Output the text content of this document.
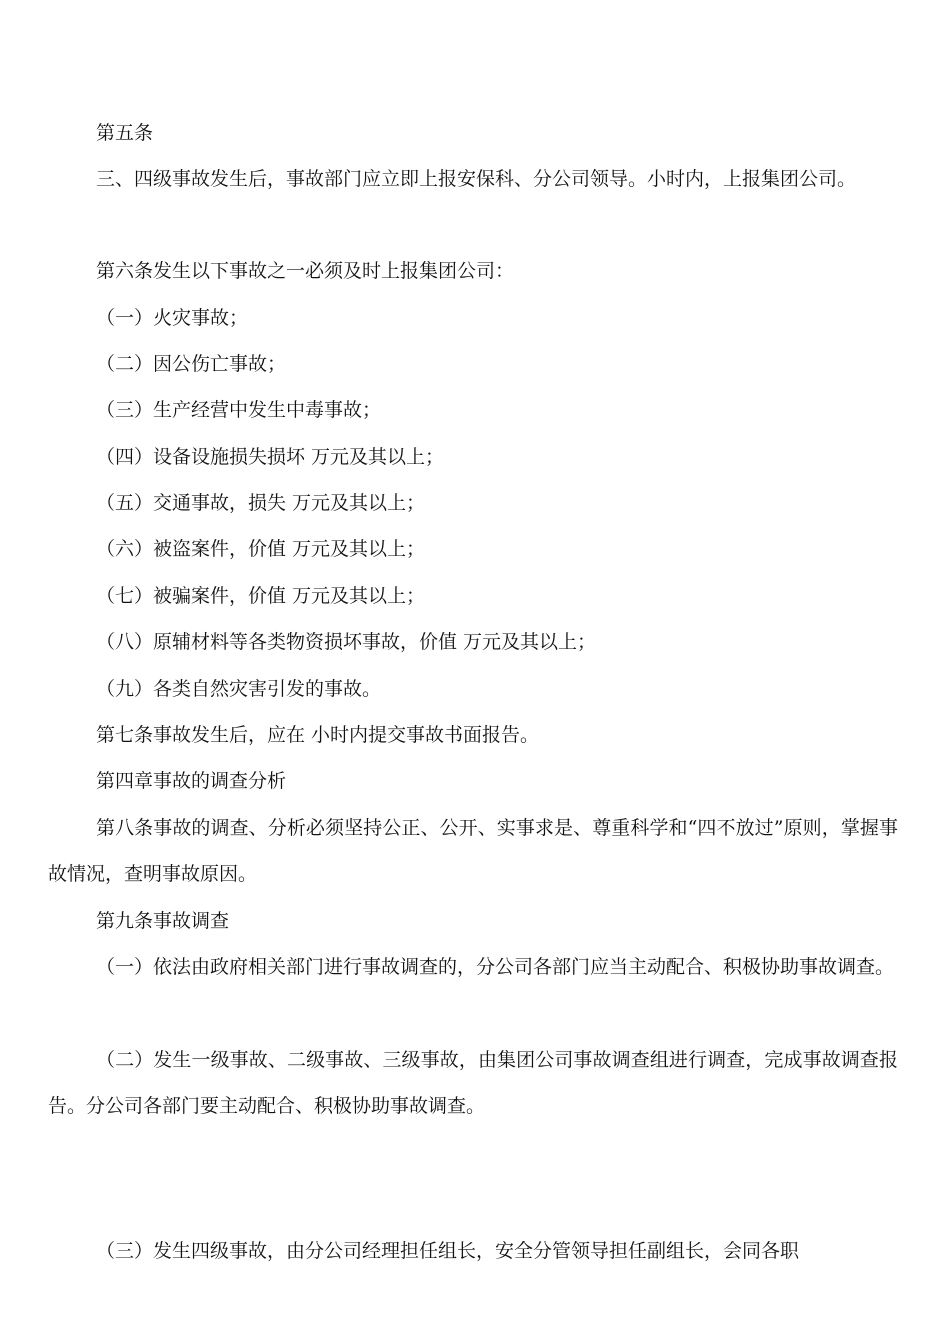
第五条

三、四级事故发生后，事故部门应立即上报安保科、分公司领导。小时内，上报集团公司。

第六条发生以下事故之一必须及时上报集团公司：

（一）火灾事故；

（二）因公伤亡事故；

（三）生产经营中发生中毒事故；

（四）设备设施损失损坏 万元及其以上；

（五）交通事故，损失 万元及其以上；

（六）被盗案件，价值 万元及其以上；

（七）被骗案件，价值 万元及其以上；

（八）原辅材料等各类物资损坏事故，价值 万元及其以上；

（九）各类自然灾害引发的事故。

第七条事故发生后，应在 小时内提交事故书面报告。

第四章事故的调查分析

第八条事故的调查、分析必须坚持公正、公开、实事求是、尊重科学和“四不放过”原则，掌握事故情况，查明事故原因。

第九条事故调查

（一）依法由政府相关部门进行事故调查的，分公司各部门应当主动配合、积极协助事故调查。

（二）发生一级事故、二级事故、三级事故，由集团公司事故调查组进行调查，完成事故调查报告。分公司各部门要主动配合、积极协助事故调查。

（三）发生四级事故，由分公司经理担任组长，安全分管领导担任副组长，会同各职
